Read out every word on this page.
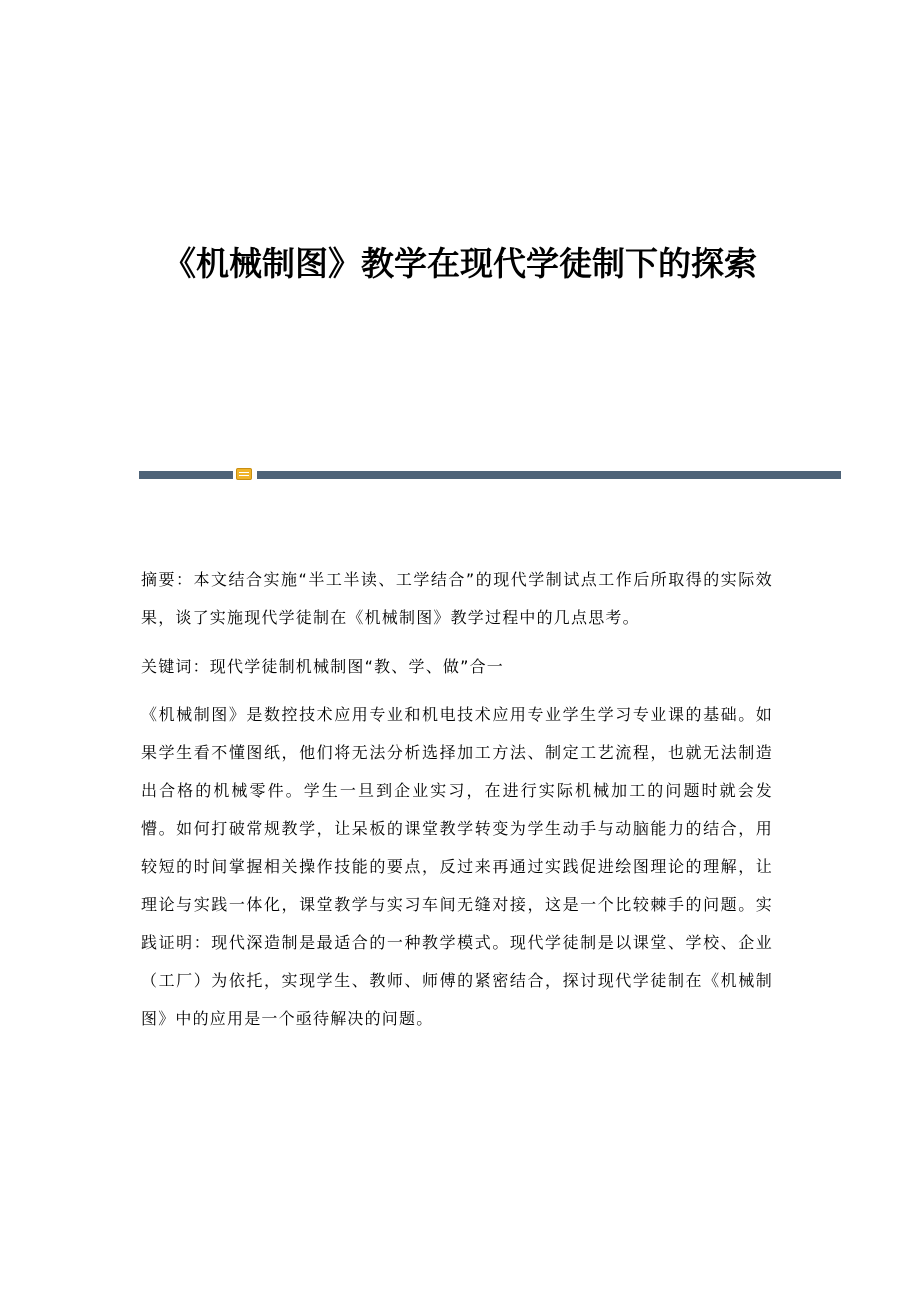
《机械制图》教学在现代学徒制下的探索

摘要：本文结合实施“半工半读、工学结合”的现代学制试点工作后所取得的实际效果，谈了实施现代学徒制在《机械制图》教学过程中的几点思考。

关键词：现代学徒制机械制图“教、学、做”合一

《机械制图》是数控技术应用专业和机电技术应用专业学生学习专业课的基础。如果学生看不懂图纸，他们将无法分析选择加工方法、制定工艺流程，也就无法制造出合格的机械零件。学生一旦到企业实习，在进行实际机械加工的问题时就会发懵。如何打破常规教学，让呆板的课堂教学转变为学生动手与动脑能力的结合，用较短的时间掌握相关操作技能的要点，反过来再通过实践促进绘图理论的理解，让理论与实践一体化，课堂教学与实习车间无缝对接，这是一个比较棘手的问题。实践证明：现代深造制是最适合的一种教学模式。现代学徒制是以课堂、学校、企业（工厂）为依托，实现学生、教师、师傅的紧密结合，探讨现代学徒制在《机械制图》中的应用是一个亟待解决的问题。
